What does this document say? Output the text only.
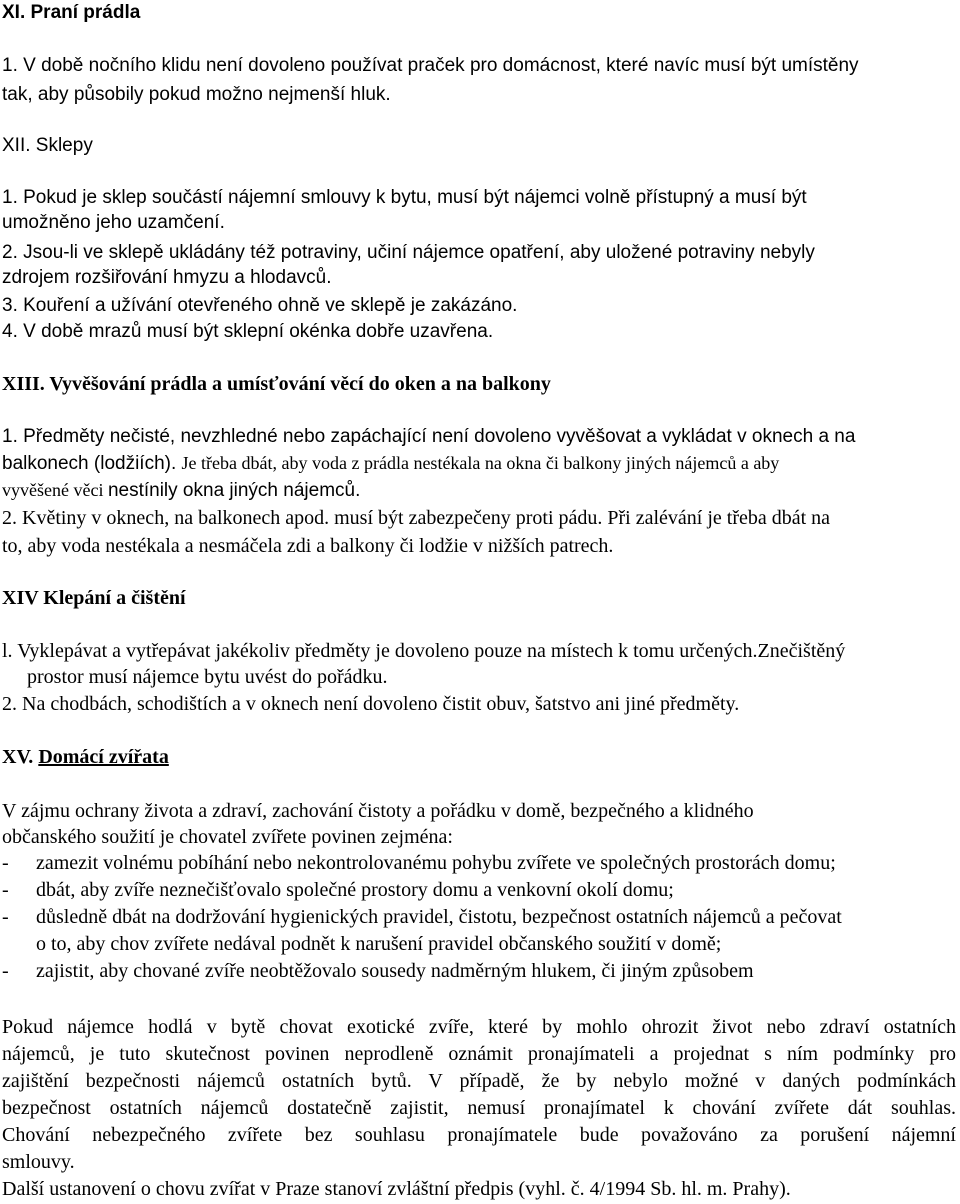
XI. Praní prádla
1. V době nočního klidu není dovoleno používat praček pro domácnost, které navíc musí být umístěny
tak, aby působily pokud možno nejmenší hluk.
XII. Sklepy
1. Pokud je sklep součástí nájemní smlouvy k bytu, musí být nájemci volně přístupný a musí být
umožněno jeho uzamčení.
2. Jsou-li ve sklepě ukládány též potraviny, učiní nájemce opatření, aby uložené potraviny nebyly
zdrojem rozšiřování hmyzu a hlodavců.
3. Kouření a užívání otevřeného ohně ve sklepě je zakázáno.
4. V době mrazů musí být sklepní okénka dobře uzavřena.
XIII. Vyvěšování prádla a umísťování věcí do oken a na balkony
1. Předměty nečisté, nevzhledné nebo zapáchající není dovoleno vyvěšovat a vykládat v oknech a na
balkonech (lodžiích). Je třeba dbát, aby voda z prádla nestékala na okna či balkony jiných nájemců a aby
vyvěšené věci nestínily okna jiných nájemců.
2. Květiny v oknech, na balkonech apod. musí být zabezpečeny proti pádu. Při zalévání je třeba dbát na
to, aby voda nestékala a nesmáčela zdi a balkony či lodžie v nižších patrech.
XIV Klepání a čištění
l. Vyklepávat a vytřepávat jakékoliv předměty je dovoleno pouze na místech k tomu určených.Znečištěný
prostor musí nájemce bytu uvést do pořádku.
2. Na chodbách, schodištích a v oknech není dovoleno čistit obuv, šatstvo ani jiné předměty.
XV. Domácí zvířata
V zájmu ochrany života a zdraví, zachování čistoty a pořádku v domě, bezpečného a klidného
občanského soužití je chovatel zvířete povinen zejména:
- zamezit volnému pobíhání nebo nekontrolovanému pohybu zvířete ve společných prostorách domu;
- dbát, aby zvíře neznečišťovalo společné prostory domu a venkovní okolí domu;
- důsledně dbát na dodržování hygienických pravidel, čistotu, bezpečnost ostatních nájemců a pečovat
o to, aby chov zvířete nedával podnět k narušení pravidel občanského soužití v domě;
- zajistit, aby chované zvíře neobtěžovalo sousedy nadměrným hlukem, či jiným způsobem
Pokud nájemce hodlá v bytě chovat exotické zvíře, které by mohlo ohrozit život nebo zdraví ostatních
nájemců, je tuto skutečnost povinen neprodleně oznámit pronajímateli a projednat s ním podmínky pro
zajištění bezpečnosti nájemců ostatních bytů. V případě, že by nebylo možné v daných podmínkách
bezpečnost ostatních nájemců dostatečně zajistit, nemusí pronajímatel k chování zvířete dát souhlas.
Chování nebezpečného zvířete bez souhlasu pronajímatele bude považováno za porušení nájemní
smlouvy.
Další ustanovení o chovu zvířat v Praze stanoví zvláštní předpis (vyhl. č. 4/1994 Sb. hl. m. Prahy).
